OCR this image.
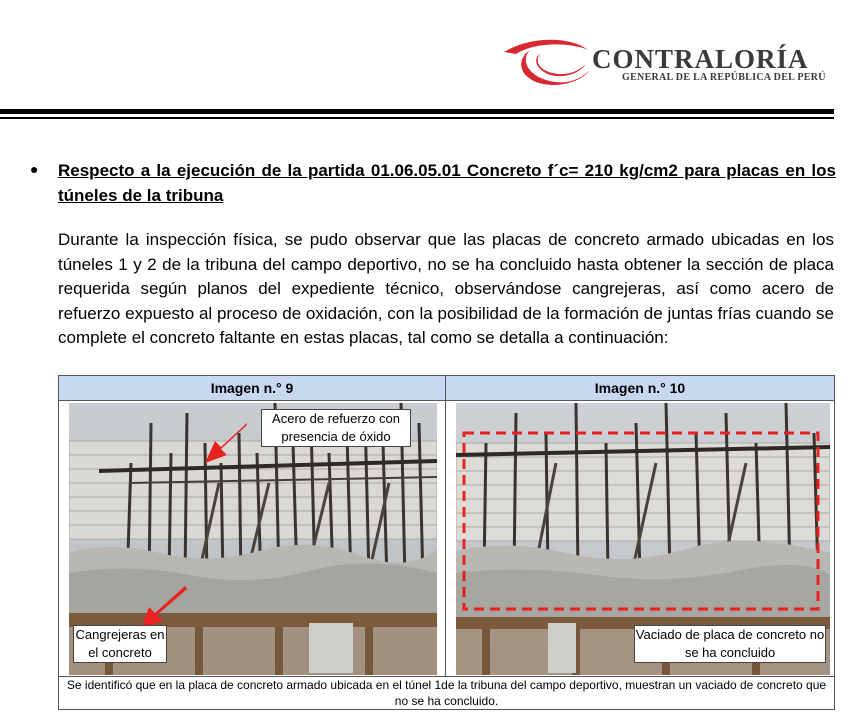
CONTRALORÍA
GENERAL DE LA REPÚBLICA DEL PERÚ
● Respecto a la ejecución de la partida 01.06.05.01 Concreto f´c= 210 kg/cm2 para placas en los túneles de la tribuna
Durante la inspección física, se pudo observar que las placas de concreto armado ubicadas en los túneles 1 y 2 de la tribuna del campo deportivo, no se ha concluido hasta obtener la sección de placa requerida según planos del expediente técnico, observándose cangrejeras, así como acero de refuerzo expuesto al proceso de oxidación, con la posibilidad de la formación de juntas frías cuando se complete el concreto faltante en estas placas, tal como se detalla a continuación:
Imagen n.° 9	Imagen n.° 10

Acero de refuerzo con presencia de óxido
Cangrejeras en el concreto	Vaciado de placa de concreto no se ha concluido

Se identificó que en la placa de concreto armado ubicada en el túnel 1de la tribuna del campo deportivo, muestran un vaciado de concreto que no se ha concluido.	
